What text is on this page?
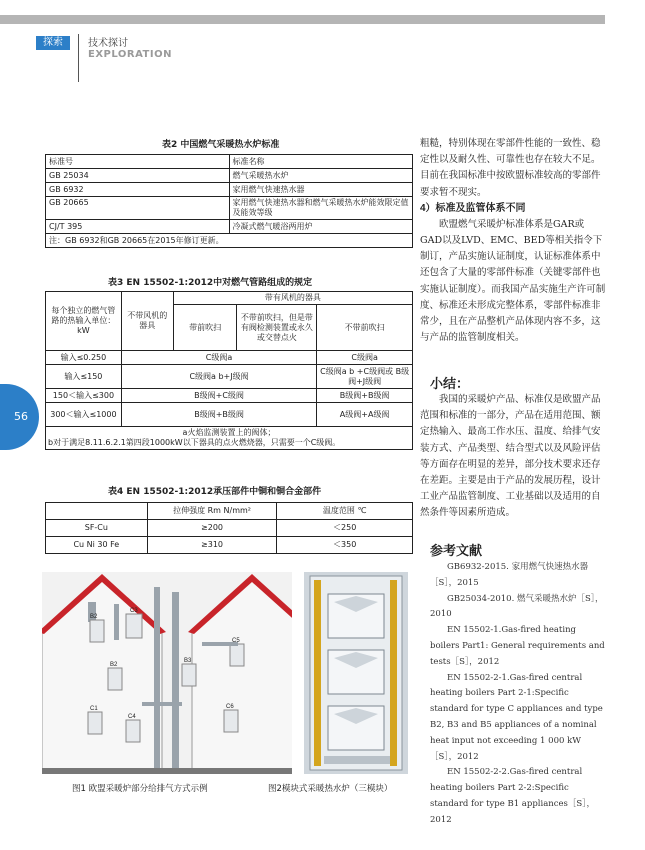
探索	技术探讨
EXPLORATION
56
表2 中国燃气采暖热水炉标准
标准号	标准名称
GB 25034	燃气采暖热水炉
GB 6932	家用燃气快速热水器
GB 20665	家用燃气快速热水器和燃气采暖热水炉能效限定值及能效等级
CJ/T 395	冷凝式燃气暖浴两用炉
注：GB 6932和GB 20665在2015年修订更新。	
表3 EN 15502-1:2012中对燃气管路组成的规定
每个独立的燃气管路的热输入单位：kW	不带风机的器具	带有风机的器具		
		带前吹扫	不带前吹扫，但是带有阀检测装置或永久或交替点火	不带前吹扫
输入≤0.250	C级阀a			C级阀a
输入≤150	C级阀a b+J级阀			C级阀a b +C级阀或 B级阀+J级阀
150＜输入≤300	B级阀+C级阀			B级阀+B级阀
300＜输入≤1000	B级阀+B级阀			A级阀+A级阀

a火焰监测装置上的阀体；
b对于满足8.11.6.2.1第四段1000kW以下器具的点火燃烧器，只需要一个C级阀。				
表4 EN 15502-1:2012承压部件中铜和铜合金部件
	拉伸强度 Rm N/mm²	温度范围 ℃
SF-Cu	≥200	＜250
Cu Ni 30 Fe	≥310	＜350

粗糙，特别体现在零部件性能的一致性、稳定性以及耐久性、可靠性也存在较大不足。目前在我国标准中按欧盟标准较高的零部件要求暂不现实。

4）标准及监管体系不同

欧盟燃气采暖炉标准体系是GAR或GAD以及LVD、EMC、BED等相关指令下制订，产品实施认证制度，认证标准体系中还包含了大量的零部件标准（关键零部件也实施认证制度）。而我国产品实施生产许可制度、标准还未形成完整体系，零部件标准非常少，且在产品整机产品体现内容不多，这与产品的监管制度相关。

小结：

我国的采暖炉产品、标准仅是欧盟产品范围和标准的一部分，产品在适用范围、额定热输入、最高工作水压、温度、给排气安装方式、产品类型、结合型式以及风险评估等方面存在明显的差异，部分技术要求还存在差距。主要是由于产品的发展历程，设计工业产品监管制度、工业基础以及适用的自然条件等因素所造成。

参考文献

GB6932-2015. 家用燃气快速热水器［S］，2015

GB25034-2010. 燃气采暖热水炉［S］，2010

EN 15502-1.Gas-fired heating boilers Part1: General requirements and tests［S］，2012

EN 15502-2-1.Gas-fired central heating boilers Part 2-1:Specific standard for type C appliances and type B2, B3 and B5 appliances of a nominal heat input not exceeding 1 000 kW［S］，2012

EN 15502-2-2.Gas-fired central heating boilers Part 2-2:Specific standard for type B1 appliances［S］，2012

B2
C3
C5
B2
B3
C6
C4
C1
图1 欧盟采暖炉部分给排气方式示例	图2模块式采暖热水炉（三模块）
